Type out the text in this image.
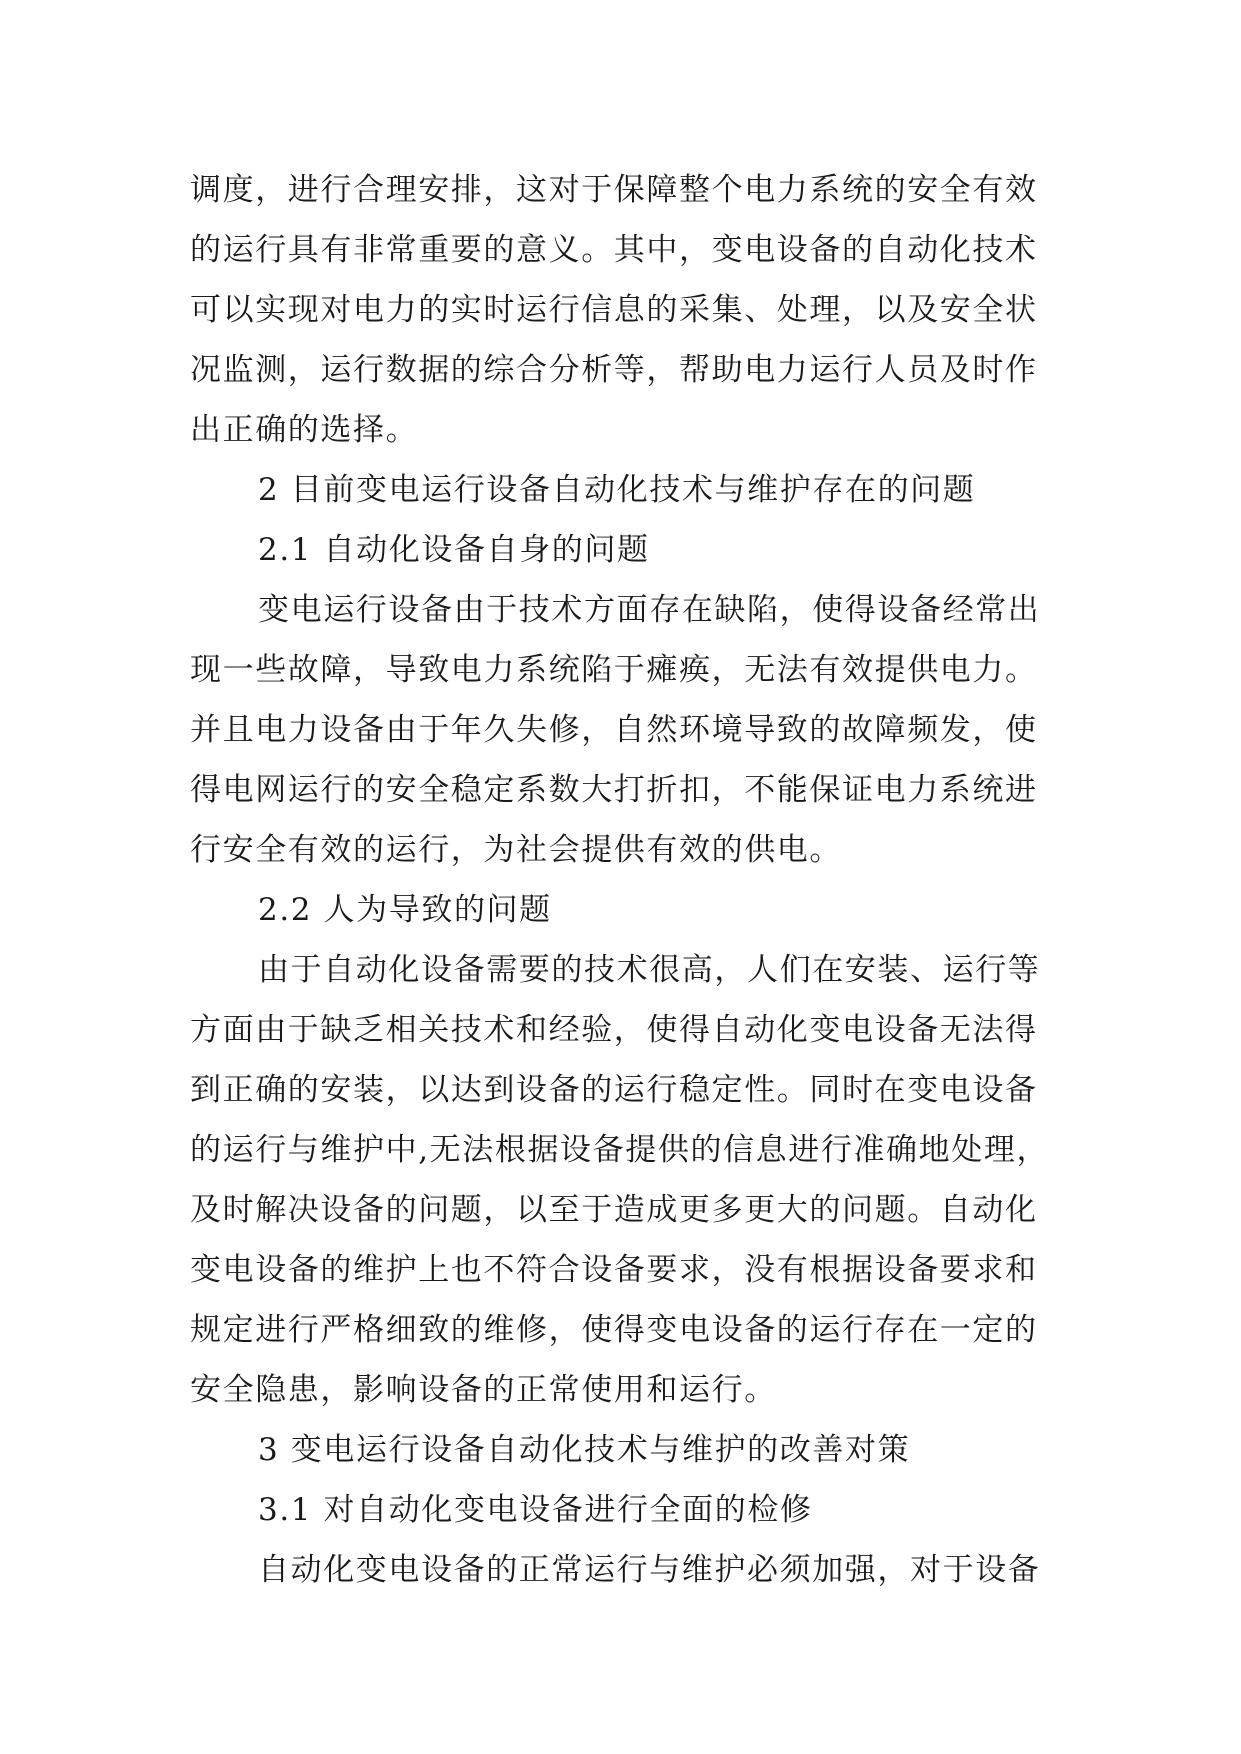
调度，进行合理安排，这对于保障整个电力系统的安全有效
的运行具有非常重要的意义。其中，变电设备的自动化技术
可以实现对电力的实时运行信息的采集、处理，以及安全状
况监测，运行数据的综合分析等，帮助电力运行人员及时作
出正确的选择。
2 目前变电运行设备自动化技术与维护存在的问题
2.1 自动化设备自身的问题
变电运行设备由于技术方面存在缺陷，使得设备经常出
现一些故障，导致电力系统陷于瘫痪，无法有效提供电力。
并且电力设备由于年久失修，自然环境导致的故障频发，使
得电网运行的安全稳定系数大打折扣，不能保证电力系统进
行安全有效的运行，为社会提供有效的供电。
2.2 人为导致的问题
由于自动化设备需要的技术很高，人们在安装、运行等
方面由于缺乏相关技术和经验，使得自动化变电设备无法得
到正确的安装，以达到设备的运行稳定性。同时在变电设备
的运行与维护中,无法根据设备提供的信息进行准确地处理，
及时解决设备的问题，以至于造成更多更大的问题。自动化
变电设备的维护上也不符合设备要求，没有根据设备要求和
规定进行严格细致的维修，使得变电设备的运行存在一定的
安全隐患，影响设备的正常使用和运行。
3 变电运行设备自动化技术与维护的改善对策
3.1 对自动化变电设备进行全面的检修
自动化变电设备的正常运行与维护必须加强，对于设备
